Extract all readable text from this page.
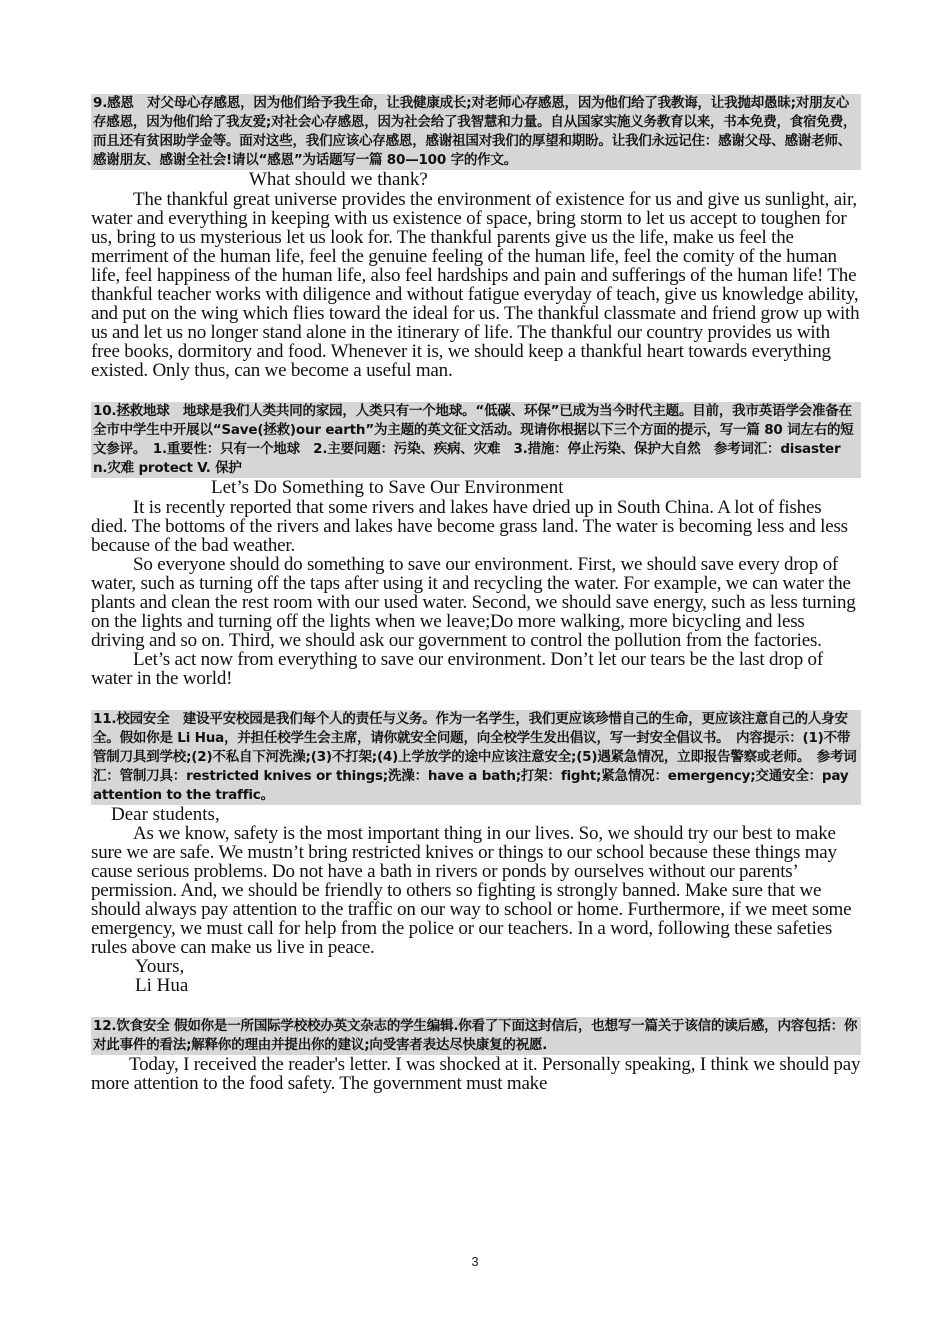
9.感恩　对父母心存感恩，因为他们给予我生命，让我健康成长;对老师心存感恩，因为他们给了我教诲，让我抛却愚昧;对朋友心存感恩，因为他们给了我友爱;对社会心存感恩，因为社会给了我智慧和力量。自从国家实施义务教育以来，书本免费，食宿免费，而且还有贫困助学金等。面对这些，我们应该心存感恩，感谢祖国对我们的厚望和期盼。让我们永远记住：感谢父母、感谢老师、感谢朋友、感谢全社会!请以“感恩”为话题写一篇 80—100 字的作文。

What should we thank?

The thankful great universe provides the environment of existence for us and give us sunlight, air, water and everything in keeping with us existence of space, bring storm to let us accept to toughen for us, bring to us mysterious let us look for. The thankful parents give us the life, make us feel the merriment of the human life, feel the genuine feeling of the human life, feel the comity of the human life, feel happiness of the human life, also feel hardships and pain and sufferings of the human life! The thankful teacher works with diligence and without fatigue everyday of teach, give us knowledge ability, and put on the wing which flies toward the ideal for us. The thankful classmate and friend grow up with us and let us no longer stand alone in the itinerary of life. The thankful our country provides us with free books, dormitory and food. Whenever it is, we should keep a thankful heart towards everything existed. Only thus, can we become a useful man.

10.拯救地球　地球是我们人类共同的家园，人类只有一个地球。“低碳、环保”已成为当今时代主题。目前，我市英语学会准备在全市中学生中开展以“Save(拯救)our earth”为主题的英文征文活动。现请你根据以下三个方面的提示，写一篇 80 词左右的短文参评。　1.重要性：只有一个地球　2.主要问题：污染、疾病、灾难　3.措施：停止污染、保护大自然　参考词汇：disaster n.灾难 protect V. 保护

Let’s Do Something to Save Our Environment

It is recently reported that some rivers and lakes have dried up in South China. A lot of fishes died. The bottoms of the rivers and lakes have become grass land. The water is becoming less and less because of the bad weather.

So everyone should do something to save our environment. First, we should save every drop of water, such as turning off the taps after using it and recycling the water. For example, we can water the plants and clean the rest room with our used water. Second, we should save energy, such as less turning on the lights and turning off the lights when we leave;Do more walking, more bicycling and less driving and so on. Third, we should ask our government to control the pollution from the factories.

Let’s act now from everything to save our environment. Don’t let our tears be the last drop of water in the world!

11.校园安全　建设平安校园是我们每个人的责任与义务。作为一名学生，我们更应该珍惜自己的生命，更应该注意自己的人身安全。假如你是 Li Hua，并担任校学生会主席，请你就安全问题，向全校学生发出倡议，写一封安全倡议书。　内容提示：(1)不带管制刀具到学校;(2)不私自下河洗澡;(3)不打架;(4)上学放学的途中应该注意安全;(5)遇紧急情况，立即报告警察或老师。　参考词汇：管制刀具：restricted knives or things;洗澡：have a bath;打架：fight;紧急情况：emergency;交通安全：pay attention to the traffic。

Dear students,

As we know, safety is the most important thing in our lives. So, we should try our best to make sure we are safe. We mustn’t bring restricted knives or things to our school because these things may cause serious problems. Do not have a bath in rivers or ponds by ourselves without our parents’ permission. And, we should be friendly to others so fighting is strongly banned. Make sure that we should always pay attention to the traffic on our way to school or home. Furthermore, if we meet some emergency, we must call for help from the police or our teachers. In a word, following these safeties rules above can make us live in peace.

Yours,

Li Hua

12.饮食安全 假如你是一所国际学校校办英文杂志的学生编辑.你看了下面这封信后，也想写一篇关于该信的读后感，内容包括：你对此事件的看法;解释你的理由并提出你的建议;向受害者表达尽快康复的祝愿.

Today, I received the reader's letter. I was shocked at it. Personally speaking, I think we should pay more attention to the food safety. The government must make

3
